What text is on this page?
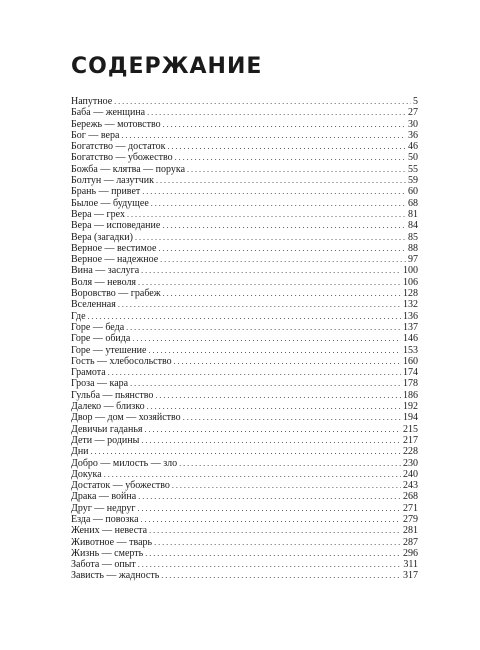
СОДЕРЖАНИЕ
Напутное . . .	5
Баба — женщина . . .	27
Бережь — мотовство . . .	30
Бог — вера . . .	36
Богатство — достаток . . .	46
Богатство — убожество . . .	50
Божба — клятва — порука . . .	55
Болтун — лазутчик . . .	59
Брань — привет . . .	60
Былое — будущее . . .	68
Вера — грех . . .	81
Вера — исповедание . . .	84
Вера (загадки) . . .	85
Верное — вестимое . . .	88
Верное — надежное . . .	97
Вина — заслуга . . .	100
Воля — неволя . . .	106
Воровство — грабеж . . .	128
Вселенная . . .	132
Где . . .	136
Горе — беда . . .	137
Горе — обида . . .	146
Горе — утешение . . .	153
Гость — хлебосольство . . .	160
Грамота . . .	174
Гроза — кара . . .	178
Гульба — пьянство . . .	186
Далеко — близко . . .	192
Двор — дом — хозяйство . . .	194
Девичьи гаданья . . .	215
Дети — родины . . .	217
Дни . . .	228
Добро — милость — зло . . .	230
Докука . . .	240
Достаток — убожество . . .	243
Драка — война . . .	268
Друг — недруг . . .	271
Езда — повозка . . .	279
Жених — невеста . . .	281
Животное — тварь . . .	287
Жизнь — смерть . . .	296
Забота — опыт . . .	311
Зависть — жадность . . .	317
